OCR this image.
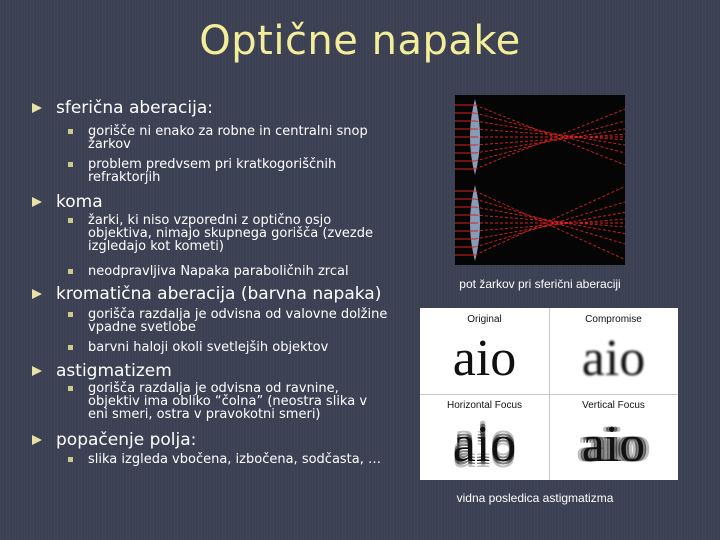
Optične napake
sferična aberacija:
gorišče ni enako za robne in centralni snop žarkov
problem predvsem pri kratkogoriščnih refraktorjih
koma
žarki, ki niso vzporedni z optično osjo objektiva, nimajo skupnega gorišča (zvezde izgledajo kot kometi)
neodpravljiva Napaka paraboličnih zrcal
kromatična aberacija (barvna napaka)
gorišča razdalja je odvisna od valovne dolžine vpadne svetlobe
barvni haloji okoli svetlejših objektov
astigmatizem
gorišča razdalja je odvisna od ravnine, objektiv ima obliko “čolna” (neostra slika v eni smeri, ostra v pravokotni smeri)
popačenje polja:
slika izgleda vbočena, izbočena, sodčasta, …
pot žarkov pri sferični aberaciji
Original
aio
Compromise
aio
Horizontal Focus
aio
Vertical Focus
aio
vidna posledica astigmatizma
